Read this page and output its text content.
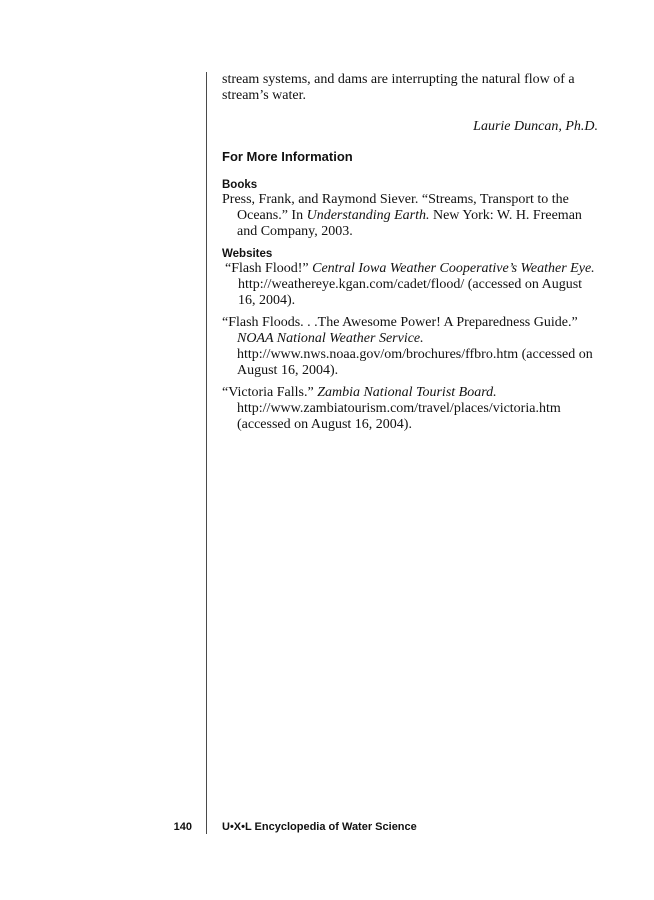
stream systems, and dams are interrupting the natural flow of a stream’s water.

Laurie Duncan, Ph.D.

For More Information
Books

Press, Frank, and Raymond Siever. “Streams, Transport to the Oceans.” In Understanding Earth. New York: W. H. Freeman and Company, 2003.

Websites

“Flash Flood!” Central Iowa Weather Cooperative’s Weather Eye. http://weathereye.kgan.com/cadet/flood/ (accessed on August 16, 2004).

“Flash Floods. . .The Awesome Power! A Preparedness Guide.” NOAA National Weather Service. http://www.nws.noaa.gov/om/brochures/ffbro.htm (accessed on August 16, 2004).

“Victoria Falls.” Zambia National Tourist Board. http://www.zambiatourism.com/travel/places/victoria.htm (accessed on August 16, 2004).

140	U•X•L Encyclopedia of Water Science
